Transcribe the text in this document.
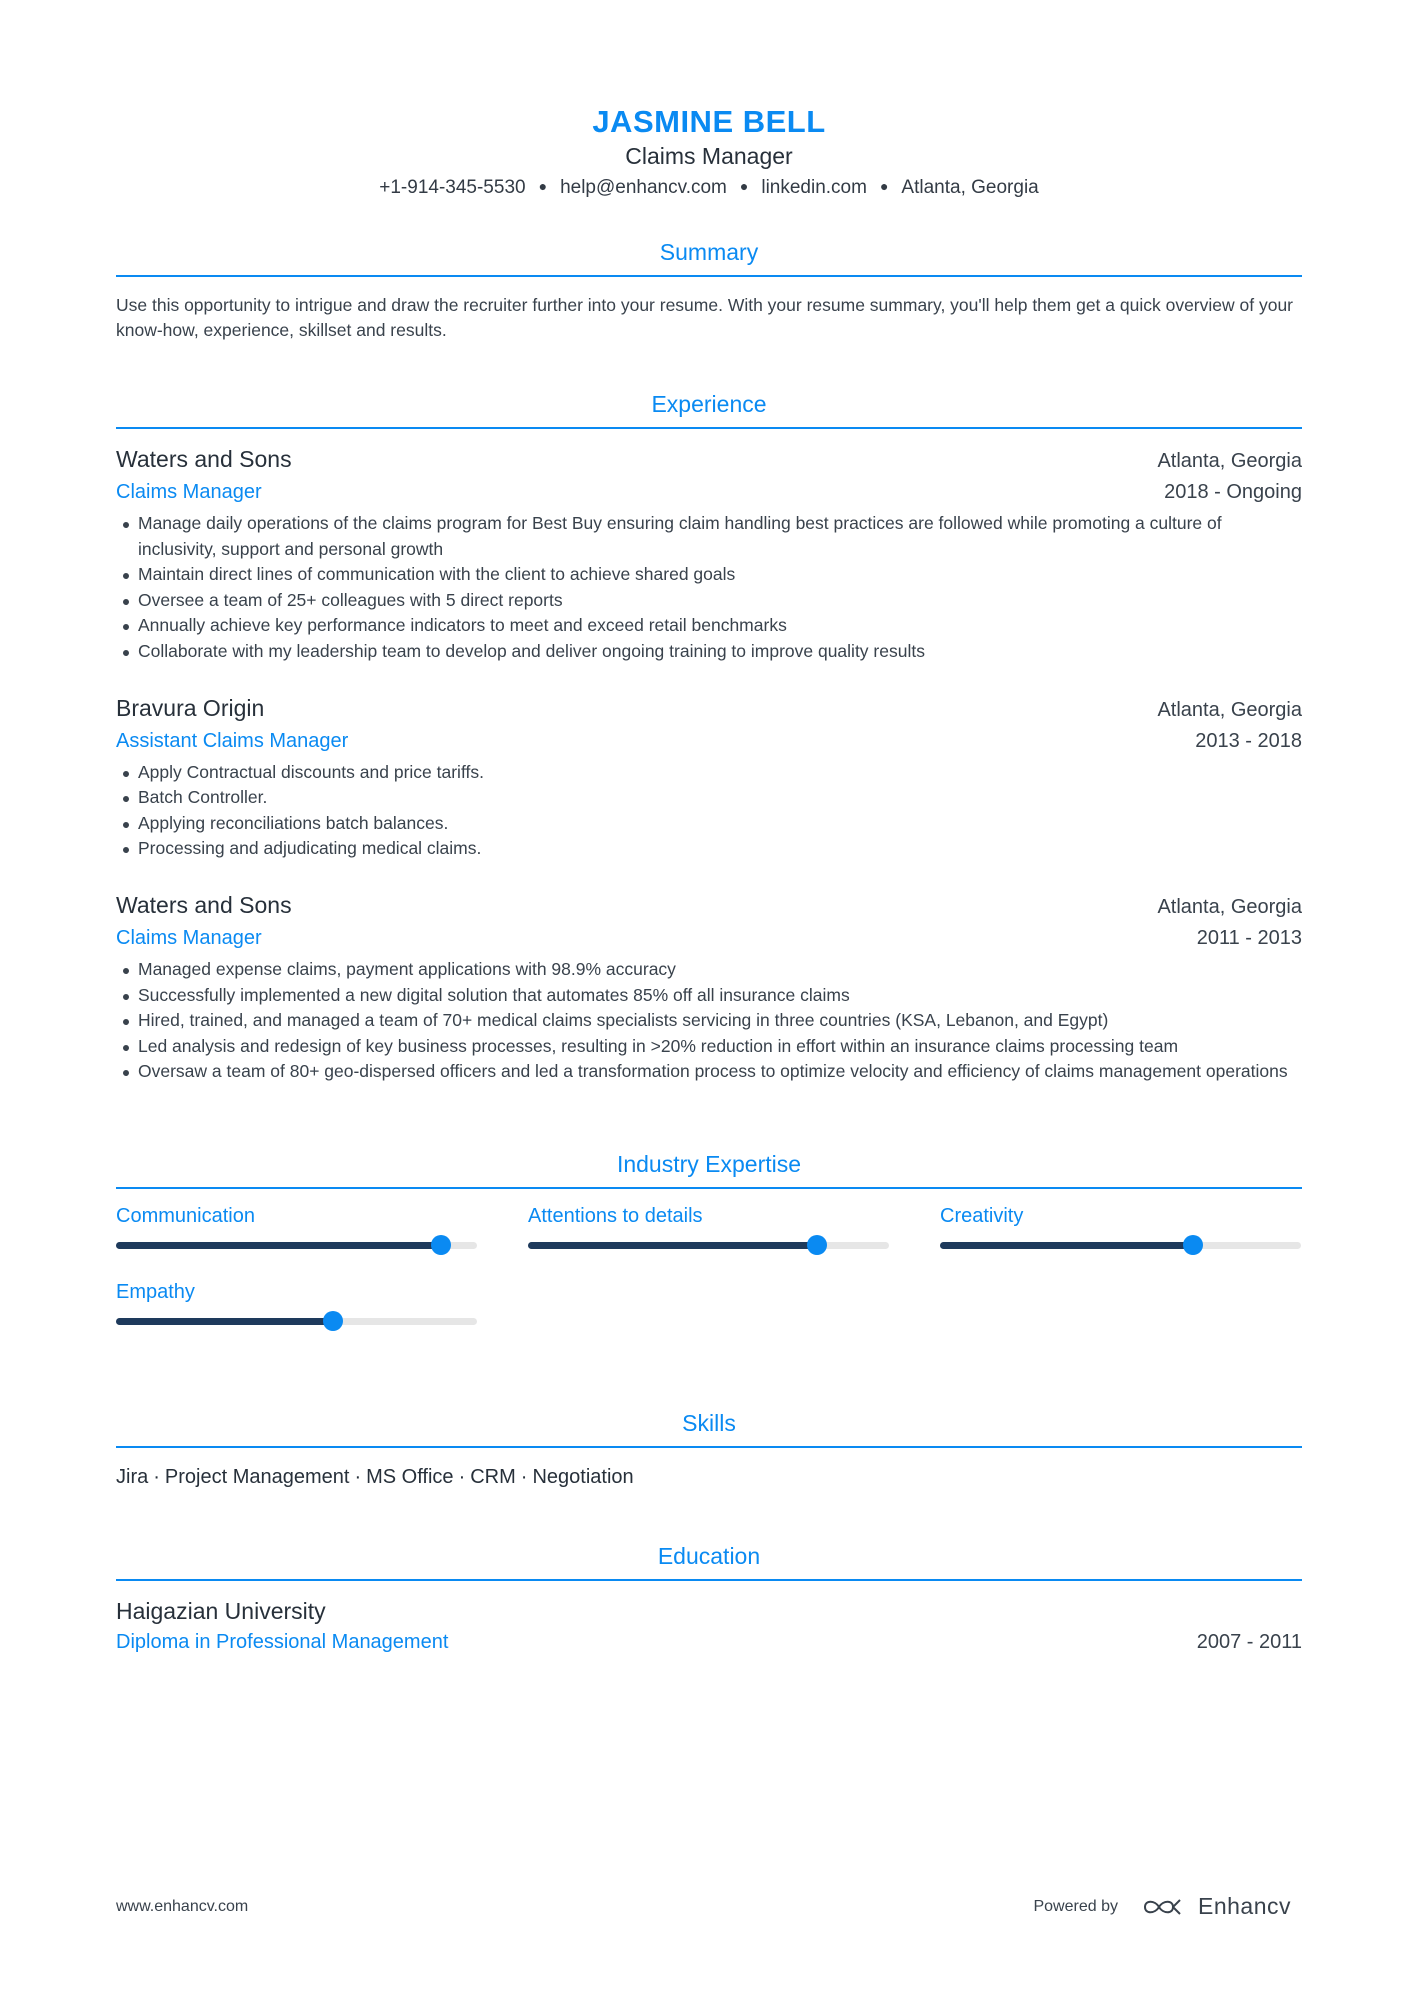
JASMINE BELL
Claims Manager
+1-914-345-5530 ● help@enhancv.com ● linkedin.com ● Atlanta, Georgia
Summary

Use this opportunity to intrigue and draw the recruiter further into your resume. With your resume summary, you'll help them get a quick overview of your know-how, experience, skillset and results.

Experience
Waters and Sons	Atlanta, Georgia
Claims Manager	2018 - Ongoing
Manage daily operations of the claims program for Best Buy ensuring claim handling best practices are followed while promoting a culture of inclusivity, support and personal growth
Maintain direct lines of communication with the client to achieve shared goals
Oversee a team of 25+ colleagues with 5 direct reports
Annually achieve key performance indicators to meet and exceed retail benchmarks
Collaborate with my leadership team to develop and deliver ongoing training to improve quality results
Bravura Origin	Atlanta, Georgia
Assistant Claims Manager	2013 - 2018
Apply Contractual discounts and price tariffs.
Batch Controller.
Applying reconciliations batch balances.
Processing and adjudicating medical claims.
Waters and Sons	Atlanta, Georgia
Claims Manager	2011 - 2013
Managed expense claims, payment applications with 98.9% accuracy
Successfully implemented a new digital solution that automates 85% off all insurance claims
Hired, trained, and managed a team of 70+ medical claims specialists servicing in three countries (KSA, Lebanon, and Egypt)
Led analysis and redesign of key business processes, resulting in >20% reduction in effort within an insurance claims processing team
Oversaw a team of 80+ geo-dispersed officers and led a transformation process to optimize velocity and efficiency of claims management operations
Industry Expertise
Communication	Attentions to details	Creativity
Empathy
Skills
Jira · Project Management · MS Office · CRM · Negotiation
Education
Haigazian University
Diploma in Professional Management	2007 - 2011
www.enhancv.com	Powered by	Enhancv
